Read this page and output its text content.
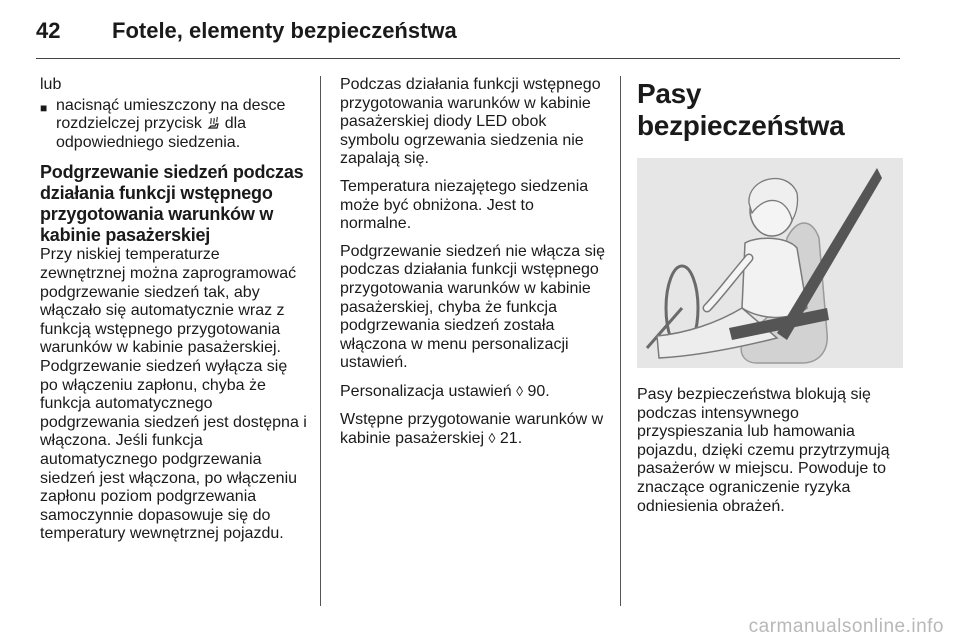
42	Fotele, elementy bezpieczeństwa

lub

■ nacisnąć umieszczony na desce rozdzielczej przycisk dla odpowiedniego siedzenia.
Podgrzewanie siedzeń podczas działania funkcji wstępnego przygotowania warunków w kabinie pasażerskiej

Przy niskiej temperaturze zewnętrznej można zaprogramować podgrzewanie siedzeń tak, aby włączało się automatycznie wraz z funkcją wstępnego przygotowania warunków w kabinie pasażerskiej. Podgrzewanie siedzeń wyłącza się po włączeniu zapłonu, chyba że funkcja automatycznego podgrzewania siedzeń jest dostępna i włączona. Jeśli funkcja automatycznego podgrzewania siedzeń jest włączona, po włączeniu zapłonu poziom podgrzewania samoczynnie dopasowuje się do temperatury wewnętrznej pojazdu.

Podczas działania funkcji wstępnego przygotowania warunków w kabinie pasażerskiej diody LED obok symbolu ogrzewania siedzenia nie zapalają się.

Temperatura niezajętego siedzenia może być obniżona. Jest to normalne.

Podgrzewanie siedzeń nie włącza się podczas działania funkcji wstępnego przygotowania warunków w kabinie pasażerskiej, chyba że funkcja podgrzewania siedzeń została włączona w menu personalizacji ustawień.

Personalizacja ustawień ◊ 90.

Wstępne przygotowanie warunków w kabinie pasażerskiej ◊ 21.

Pasy bezpieczeństwa

Pasy bezpieczeństwa blokują się podczas intensywnego przyspieszania lub hamowania pojazdu, dzięki czemu przytrzymują pasażerów w miejscu. Powoduje to znaczące ograniczenie ryzyka odniesienia obrażeń.

carmanualsonline.info
